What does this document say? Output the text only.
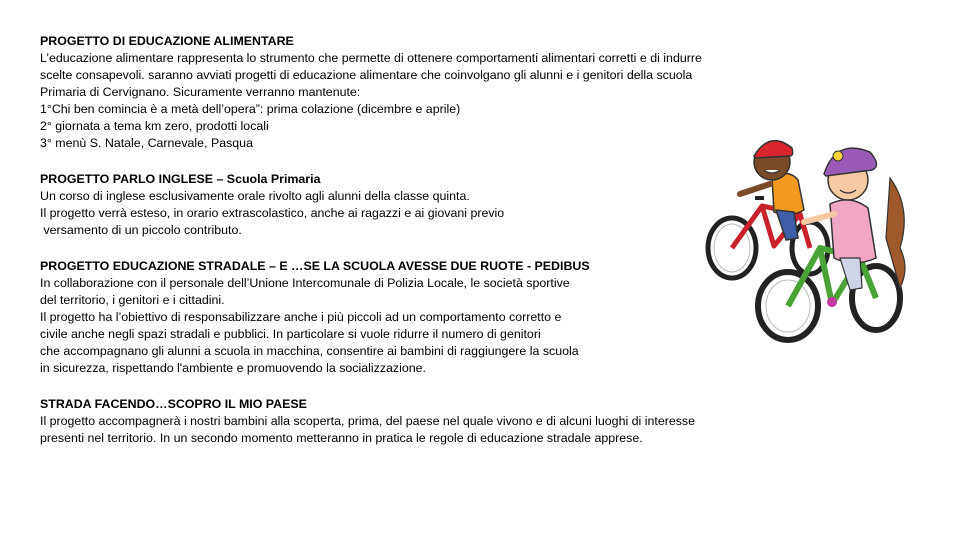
PROGETTO DI EDUCAZIONE ALIMENTARE
L’educazione alimentare rappresenta lo strumento che permette di ottenere comportamenti alimentari corretti e di indurre
scelte consapevoli. saranno avviati progetti di educazione alimentare che coinvolgano gli alunni e i genitori della scuola
Primaria di Cervignano. Sicuramente verranno mantenute:
1°Chi ben comincia è a metà dell’opera”: prima colazione (dicembre e aprile)
2° giornata a tema km zero, prodotti locali
3° menù S. Natale, Carnevale, Pasqua
PROGETTO PARLO INGLESE – Scuola Primaria
Un corso di inglese esclusivamente orale rivolto agli alunni della classe quinta.
Il progetto verrà esteso, in orario extrascolastico, anche ai ragazzi e ai giovani previo
versamento di un piccolo contributo.
PROGETTO EDUCAZIONE STRADALE – E …SE LA SCUOLA AVESSE DUE RUOTE - PEDIBUS
In collaborazione con il personale dell’Unione Intercomunale di Polizia Locale, le società sportive
del territorio, i genitori e i cittadini.
Il progetto ha l’obiettivo di responsabilizzare anche i più piccoli ad un comportamento corretto e
civile anche negli spazi stradali e pubblici. In particolare si vuole ridurre il numero di genitori
che accompagnano gli alunni a scuola in macchina, consentire ai bambini di raggiungere la scuola
in sicurezza, rispettando l'ambiente e promuovendo la socializzazione.
STRADA FACENDO…SCOPRO IL MIO PAESE
Il progetto accompagnerà i nostri bambini alla scoperta, prima, del paese nel quale vivono e di alcuni luoghi di interesse
presenti nel territorio. In un secondo momento metteranno in pratica le regole di educazione stradale apprese.
